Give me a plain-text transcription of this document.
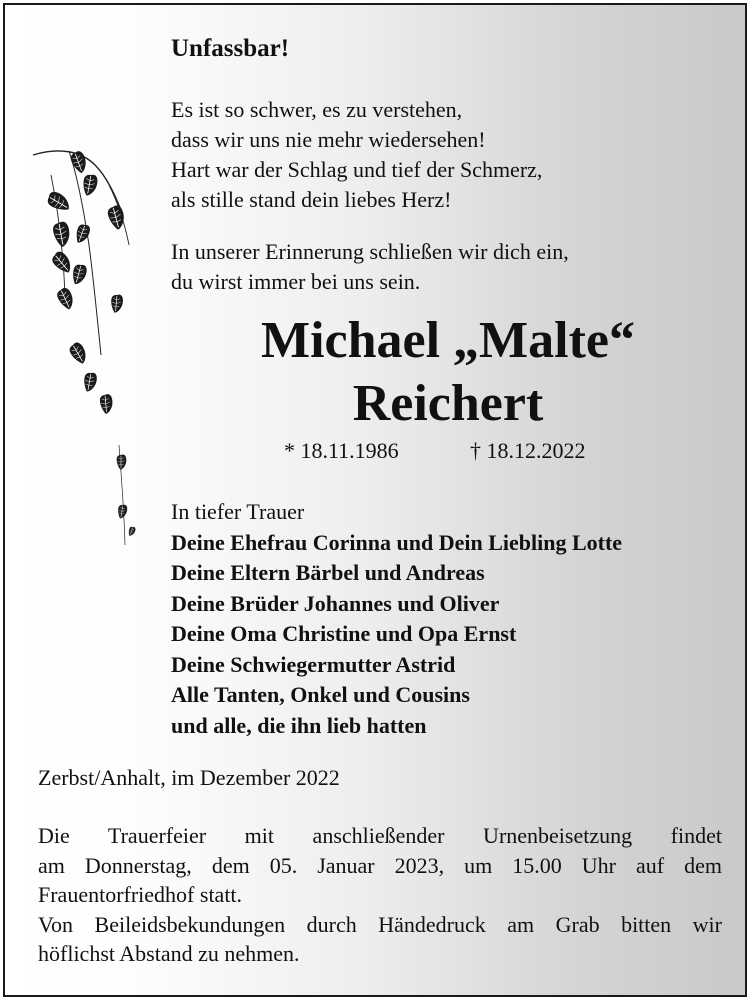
Unfassbar!

Es ist so schwer, es zu verstehen,
dass wir uns nie mehr wiedersehen!
Hart war der Schlag und tief der Schmerz,
als stille stand dein liebes Herz!

In unserer Erinnerung schließen wir dich ein,
du wirst immer bei uns sein.

Michael „Malte“
Reichert
* 18.11.1986	† 18.12.2022

In tiefer Trauer
Deine Ehefrau Corinna und Dein Liebling Lotte
Deine Eltern Bärbel und Andreas
Deine Brüder Johannes und Oliver
Deine Oma Christine und Opa Ernst
Deine Schwiegermutter Astrid
Alle Tanten, Onkel und Cousins
und alle, die ihn lieb hatten

Zerbst/Anhalt, im Dezember 2022

Die Trauerfeier mit anschließender Urnenbeisetzung findet
am Donnerstag, dem 05. Januar 2023, um 15.00 Uhr auf dem
Frauentorfriedhof statt.
Von Beileidsbekundungen durch Händedruck am Grab bitten wir
höflichst Abstand zu nehmen.
